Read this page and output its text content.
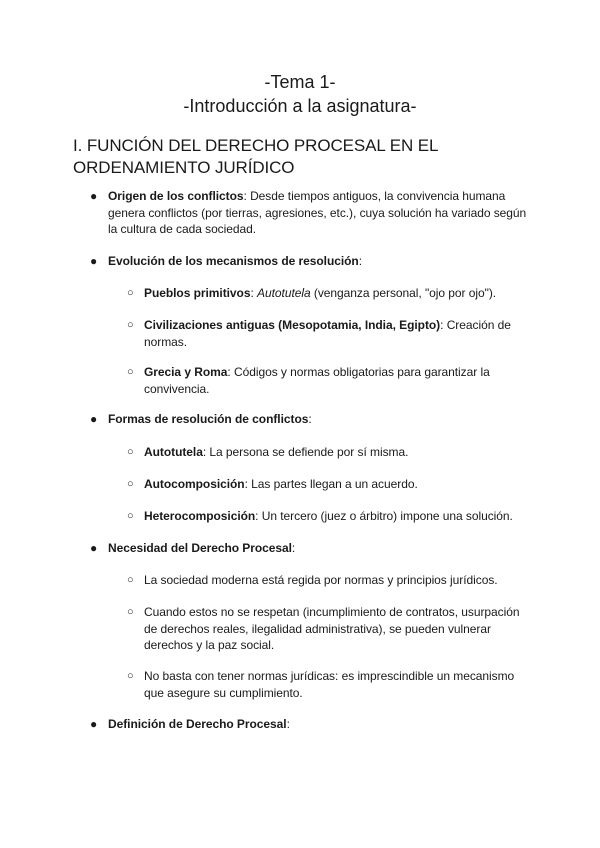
-Tema 1-
-Introducción a la asignatura-
I. FUNCIÓN DEL DERECHO PROCESAL EN EL ORDENAMIENTO JURÍDICO
● Origen de los conflictos: Desde tiempos antiguos, la convivencia humana genera conflictos (por tierras, agresiones, etc.), cuya solución ha variado según la cultura de cada sociedad.
● Evolución de los mecanismos de resolución:
○ Pueblos primitivos: Autotutela (venganza personal, "ojo por ojo").
○ Civilizaciones antiguas (Mesopotamia, India, Egipto): Creación de normas.
○ Grecia y Roma: Códigos y normas obligatorias para garantizar la convivencia.
● Formas de resolución de conflictos:
○ Autotutela: La persona se defiende por sí misma.
○ Autocomposición: Las partes llegan a un acuerdo.
○ Heterocomposición: Un tercero (juez o árbitro) impone una solución.
● Necesidad del Derecho Procesal:
○ La sociedad moderna está regida por normas y principios jurídicos.
○ Cuando estos no se respetan (incumplimiento de contratos, usurpación de derechos reales, ilegalidad administrativa), se pueden vulnerar derechos y la paz social.
○ No basta con tener normas jurídicas: es imprescindible un mecanismo que asegure su cumplimiento.
● Definición de Derecho Procesal:
